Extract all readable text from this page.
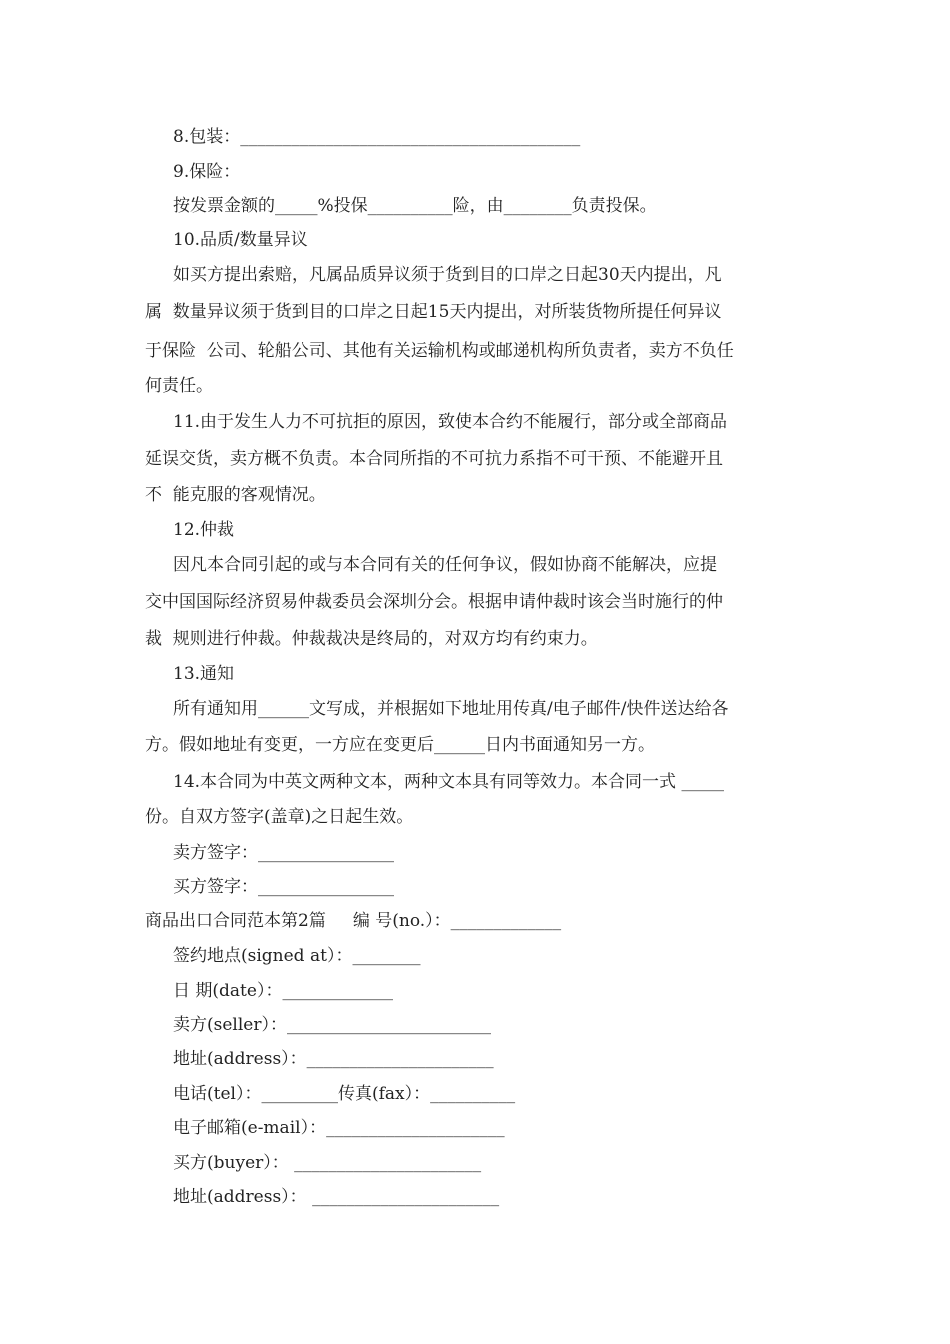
8.包装：________________________________________
9.保险：
按发票金额的_____%投保__________险，由________负责投保。
10.品质/数量异议
如买方提出索赔，凡属品质异议须于货到目的口岸之日起30天内提出，凡
属  数量异议须于货到目的口岸之日起15天内提出，对所装货物所提任何异议
于保险  公司、轮船公司、其他有关运输机构或邮递机构所负责者，卖方不负任
何责任。
11.由于发生人力不可抗拒的原因，致使本合约不能履行，部分或全部商品
延误交货，卖方概不负责。本合同所指的不可抗力系指不可干预、不能避开且
不  能克服的客观情况。
12.仲裁
因凡本合同引起的或与本合同有关的任何争议，假如协商不能解决，应提
交中国国际经济贸易仲裁委员会深圳分会。根据申请仲裁时该会当时施行的仲
裁  规则进行仲裁。仲裁裁决是终局的，对双方均有约束力。
13.通知
所有通知用______文写成，并根据如下地址用传真/电子邮件/快件送达给各
方。假如地址有变更，一方应在变更后______日内书面通知另一方。
14.本合同为中英文两种文本，两种文本具有同等效力。本合同一式 _____
份。自双方签字(盖章)之日起生效。
卖方签字：________________
买方签字：________________
商品出口合同范本第2篇     编 号(no.）：_____________
签约地点(signed at）：________
日 期(date）：_____________
卖方(seller）：________________________
地址(address）：______________________
电话(tel）：_________传真(fax）：__________
电子邮箱(e-mail）：_____________________
买方(buyer）： ______________________
地址(address）： ______________________
